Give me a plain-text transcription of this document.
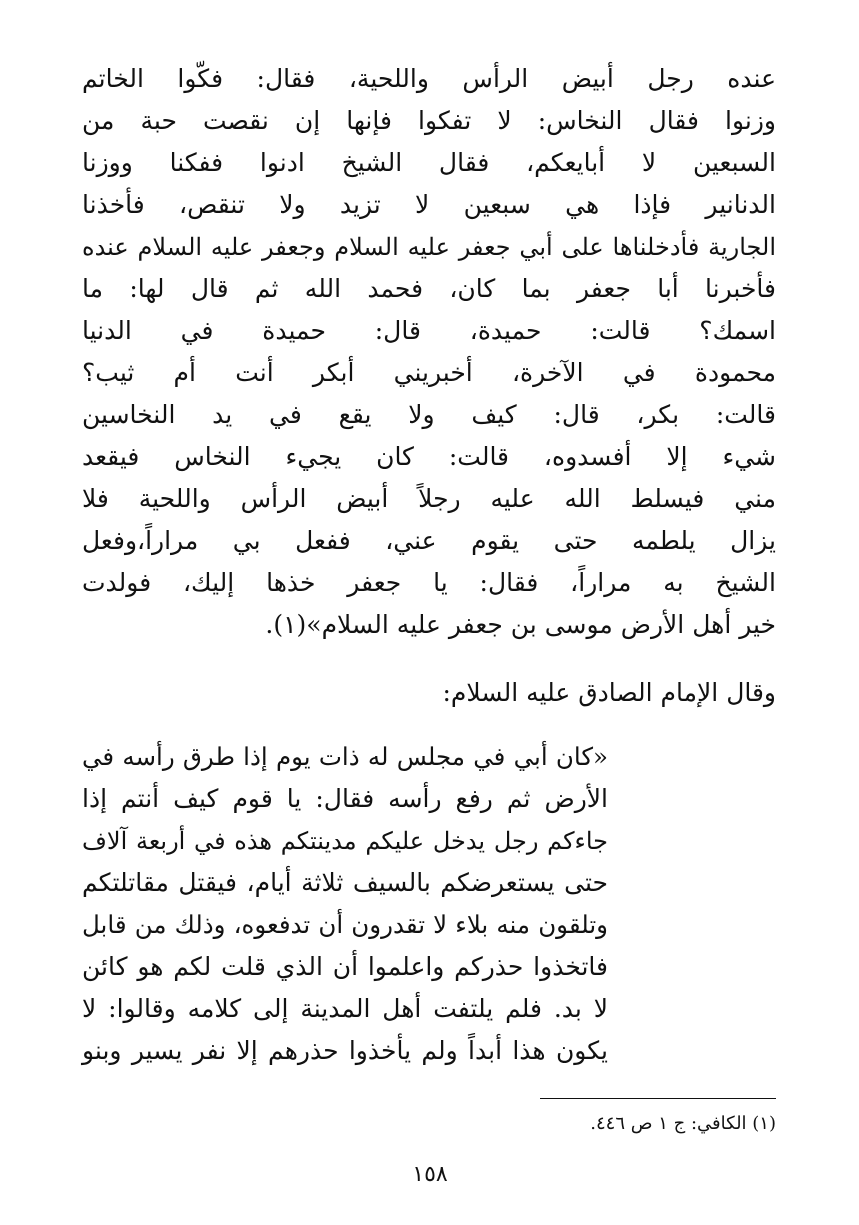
عنده رجل أبيض الرأس واللحية، فقال: فكّوا الخاتم
وزنوا فقال النخاس: لا تفكوا فإنها إن نقصت حبة من
السبعين لا أبايعكم، فقال الشيخ ادنوا ففكنا ووزنا
الدنانير فإذا هي سبعين لا تزيد ولا تنقص، فأخذنا
الجارية فأدخلناها على أبي جعفر عليه السلام وجعفر عليه السلام عنده
فأخبرنا أبا جعفر بما كان، فحمد الله ثم قال لها: ما
اسمك؟ قالت: حميدة، قال: حميدة في الدنيا
محمودة في الآخرة، أخبريني أبكر أنت أم ثيب؟
قالت: بكر، قال: كيف ولا يقع في يد النخاسين
شيء إلا أفسدوه، قالت: كان يجيء النخاس فيقعد
مني فيسلط الله عليه رجلاً أبيض الرأس واللحية فلا
يزال يلطمه حتى يقوم عني، ففعل بي مراراً،وفعل
الشيخ به مراراً، فقال: يا جعفر خذها إليك، فولدت
خير أهل الأرض موسى بن جعفر عليه السلام»(١).
وقال الإمام الصادق عليه السلام:
«كان أبي في مجلس له ذات يوم إذا طرق رأسه في
الأرض ثم رفع رأسه فقال: يا قوم كيف أنتم إذا
جاءكم رجل يدخل عليكم مدينتكم هذه في أربعة آلاف
حتى يستعرضكم بالسيف ثلاثة أيام، فيقتل مقاتلتكم
وتلقون منه بلاء لا تقدرون أن تدفعوه، وذلك من قابل
فاتخذوا حذركم واعلموا أن الذي قلت لكم هو كائن
لا بد. فلم يلتفت أهل المدينة إلى كلامه وقالوا: لا
يكون هذا أبداً ولم يأخذوا حذرهم إلا نفر يسير وبنو
(١) الكافي: ج ١ ص ٤٤٦.
١٥٨
